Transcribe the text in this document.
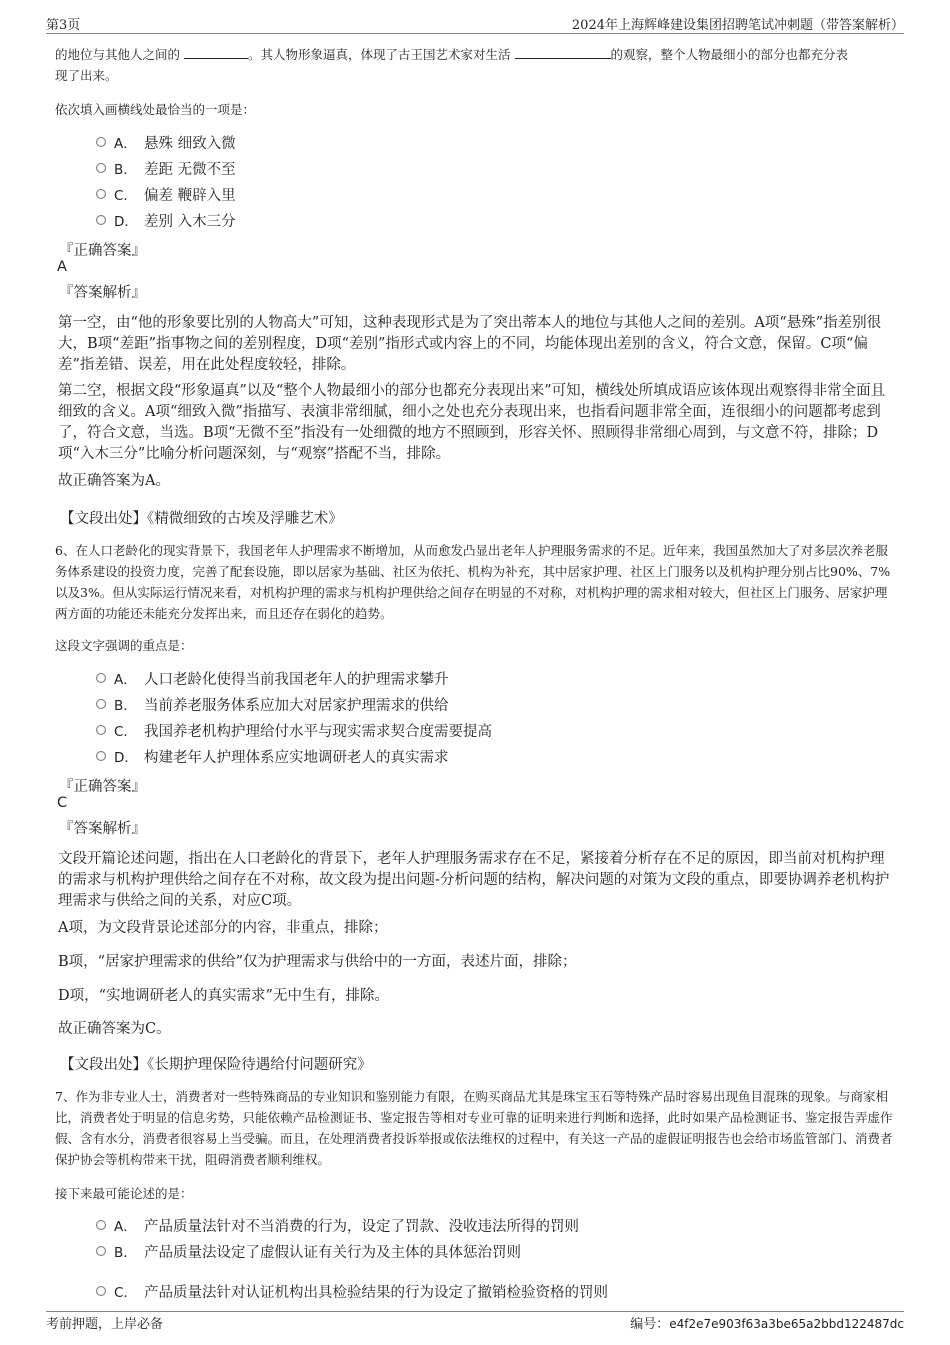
第3页	2024年上海辉峰建设集团招聘笔试冲刺题（带答案解析）
的地位与其他人之间的	。其人物形象逼真，体现了古王国艺术家对生活	的观察，整个人物最细小的部分也都充分表
现了出来。
依次填入画横线处最恰当的一项是：
A． 悬殊 细致入微
B． 差距 无微不至
C． 偏差 鞭辟入里
D． 差别 入木三分
『正确答案』
A
『答案解析』
第一空，由“他的形象要比别的人物高大”可知，这种表现形式是为了突出蒂本人的地位与其他人之间的差别。A项“悬殊”指差别很大，B项“差距”指事物之间的差别程度，D项“差别”指形式或内容上的不同，均能体现出差别的含义，符合文意，保留。C项“偏差”指差错、误差，用在此处程度较轻，排除。
第二空，根据文段“形象逼真”以及“整个人物最细小的部分也都充分表现出来”可知，横线处所填成语应该体现出观察得非常全面且细致的含义。A项“细致入微”指描写、表演非常细腻，细小之处也充分表现出来，也指看问题非常全面，连很细小的问题都考虑到了，符合文意，当选。B项“无微不至”指没有一处细微的地方不照顾到，形容关怀、照顾得非常细心周到，与文意不符，排除；D项“入木三分”比喻分析问题深刻，与“观察”搭配不当，排除。
故正确答案为A。
【文段出处】《精微细致的古埃及浮雕艺术》
6、在人口老龄化的现实背景下，我国老年人护理需求不断增加，从而愈发凸显出老年人护理服务需求的不足。近年来，我国虽然加大了对多层次养老服务体系建设的投资力度，完善了配套设施，即以居家为基础、社区为依托、机构为补充，其中居家护理、社区上门服务以及机构护理分别占比90%、7%以及3%。但从实际运行情况来看，对机构护理的需求与机构护理供给之间存在明显的不对称，对机构护理的需求相对较大，但社区上门服务、居家护理两方面的功能还未能充分发挥出来，而且还存在弱化的趋势。
这段文字强调的重点是：
A． 人口老龄化使得当前我国老年人的护理需求攀升
B． 当前养老服务体系应加大对居家护理需求的供给
C． 我国养老机构护理给付水平与现实需求契合度需要提高
D． 构建老年人护理体系应实地调研老人的真实需求
『正确答案』
C
『答案解析』
文段开篇论述问题，指出在人口老龄化的背景下，老年人护理服务需求存在不足，紧接着分析存在不足的原因，即当前对机构护理的需求与机构护理供给之间存在不对称，故文段为提出问题-分析问题的结构，解决问题的对策为文段的重点，即要协调养老机构护理需求与供给之间的关系，对应C项。
A项，为文段背景论述部分的内容，非重点，排除；
B项，“居家护理需求的供给”仅为护理需求与供给中的一方面，表述片面，排除；
D项，“实地调研老人的真实需求”无中生有，排除。
故正确答案为C。
【文段出处】《长期护理保险待遇给付问题研究》
7、作为非专业人士，消费者对一些特殊商品的专业知识和鉴别能力有限，在购买商品尤其是珠宝玉石等特殊产品时容易出现鱼目混珠的现象。与商家相比，消费者处于明显的信息劣势，只能依赖产品检测证书、鉴定报告等相对专业可靠的证明来进行判断和选择，此时如果产品检测证书、鉴定报告弄虚作假、含有水分，消费者很容易上当受骗。而且，在处理消费者投诉举报或依法维权的过程中，有关这一产品的虚假证明报告也会给市场监管部门、消费者保护协会等机构带来干扰，阻碍消费者顺利维权。
接下来最可能论述的是：
A． 产品质量法针对不当消费的行为，设定了罚款、没收违法所得的罚则
B． 产品质量法设定了虚假认证有关行为及主体的具体惩治罚则
C． 产品质量法针对认证机构出具检验结果的行为设定了撤销检验资格的罚则
考前押题，上岸必备	编号：e4f2e7e903f63a3be65a2bbd122487dc
